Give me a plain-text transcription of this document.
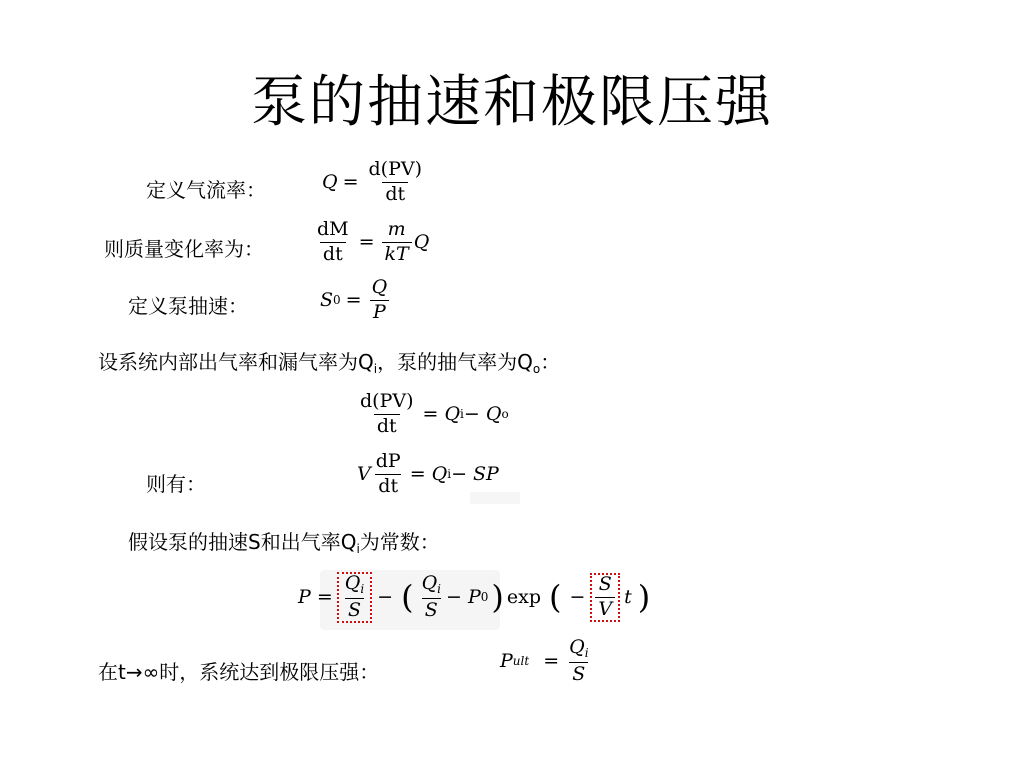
泵的抽速和极限压强
定义气流率：	$Q = \frac{d(PV)}{dt}$
则质量变化率为：	$\frac{dM}{dt} = \frac{m}{kT}$ Q
定义泵抽速：	S $0 = \frac{Q}{P}$
设系统内部出气率和漏气率为$Q_i$，泵的抽气率为$Q_o$：
$\frac{d(PV)}{dt} = Q$ i − Q o
则有：	V $\frac{dP}{dt} = Q$ i − SP
假设泵的抽速S和出气率$Q_i$为常数：
$P = \frac{Q_i}{S}$ − ( $\frac{Q_i}{S} - P$ 0 ) exp ( − $\frac{S}{V}$ t )
在t→∞时，系统达到极限压强：	P ult = $\frac{Q_i}{S}$
